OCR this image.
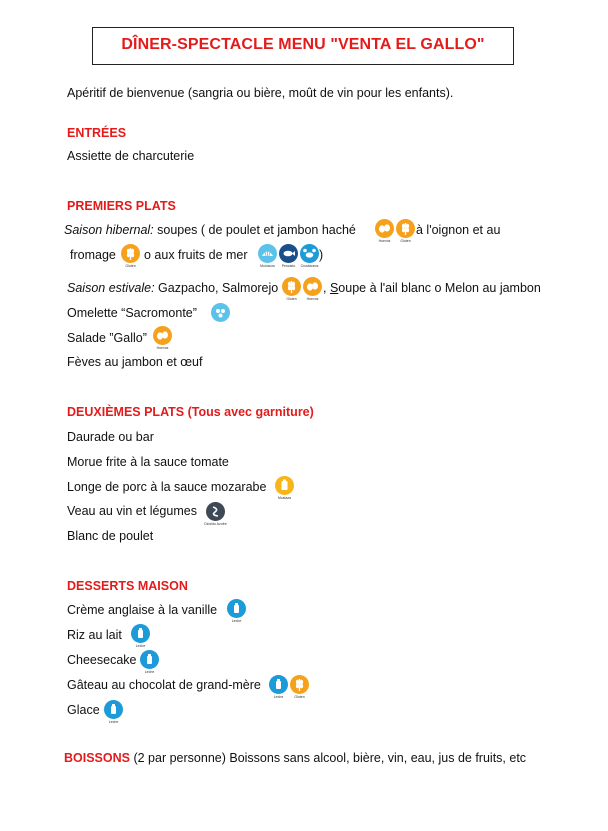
DÎNER-SPECTACLE MENU "VENTA EL GALLO"
Apéritif de bienvenue (sangria ou bière, moût de vin pour les enfants).
ENTRÉES
Assiette de charcuterie
PREMIERS PLATS
Saison hibernal: soupes ( de poulet et jambon haché
Huevos	Gluten
à l'oignon et au
fromage
Gluten
o aux fruits de mer
Moluscos Pescado Crustáceos
)
Saison estivale: Gazpacho, Salmorejo
Gluten	Huevos
, Soupe à l'ail blanc o Melon au jambon
Omelette “Sacromonte”
Salade ”Gallo”
Huevos
Fèves au jambon et œuf
DEUXIÈMES PLATS (Tous avec garniture)
Daurade ou bar
Morue frite à la sauce tomate
Longe de porc à la sauce mozarabe
Mostaza
Veau au vin et légumes
Dióxido Azufre
Blanc de poulet
DESSERTS MAISON
Crème anglaise à la vanille
Leche
Riz au lait
Leche
Cheesecake
Leche
Gâteau au chocolat de grand-mère
Leche	Gluten
Glace
Leche
BOISSONS (2 par personne) Boissons sans alcool, bière, vin, eau, jus de fruits, etc
